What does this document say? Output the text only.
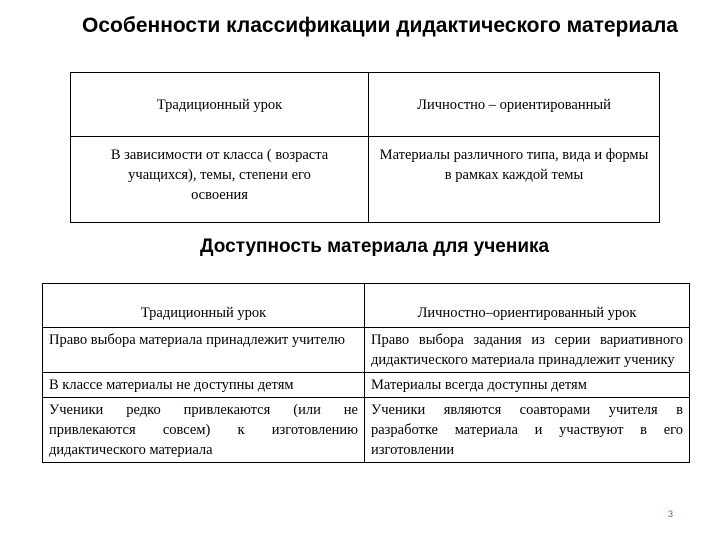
Особенности классификации дидактического материала
Традиционный урок	Личностно – ориентированный

В зависимости от класса ( возраста учащихся), темы, степени его освоения	Материалы различного типа, вида и формы в рамках каждой темы
Доступность материала для ученика
Традиционный урок	Личностно–ориентированный урок
Право выбора материала принадлежит учителю	Право выбора задания из серии вариативного дидактического материала принадлежит ученику
В классе материалы не доступны детям	Материалы всегда доступны детям
Ученики редко привлекаются (или не привлекаются совсем) к изготовлению дидактического материала	Ученики являются соавторами учителя в разработке материала и участвуют в его изготовлении
3
